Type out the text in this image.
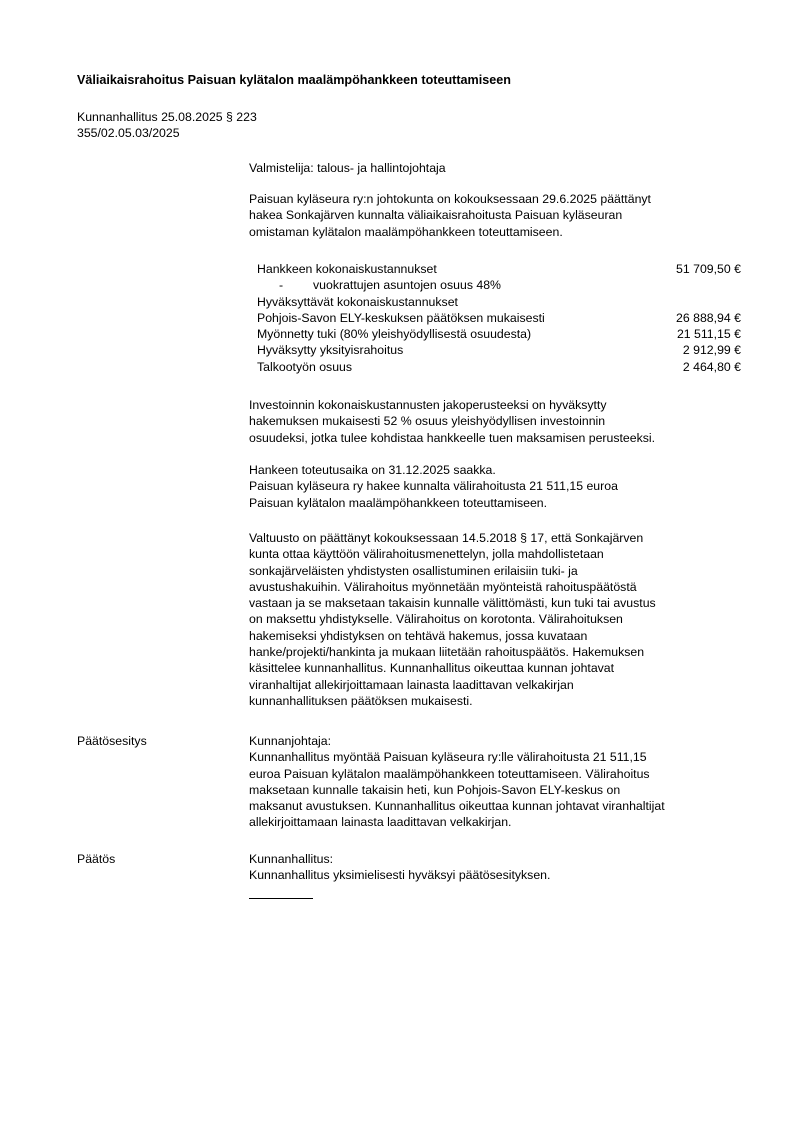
Väliaikaisrahoitus Paisuan kylätalon maalämpöhankkeen toteuttamiseen
Kunnanhallitus 25.08.2025 § 223
355/02.05.03/2025

Valmistelija: talous- ja hallintojohtaja

Paisuan kyläseura ry:n johtokunta on kokouksessaan 29.6.2025 päättänyt
hakea Sonkajärven kunnalta väliaikaisrahoitusta Paisuan kyläseuran
omistaman kylätalon maalämpöhankkeen toteuttamiseen.
Hankkeen kokonaiskustannukset	51 709,50 €
- vuokrattujen asuntojen osuus 48%
Hyväksyttävät kokonaiskustannukset
Pohjois-Savon ELY-keskuksen päätöksen mukaisesti	26 888,94 €
Myönnetty tuki (80% yleishyödyllisestä osuudesta)	21 511,15 €
Hyväksytty yksityisrahoitus	2 912,99 €
Talkootyön osuus	2 464,80 €
Investoinnin kokonaiskustannusten jakoperusteeksi on hyväksytty
hakemuksen mukaisesti 52 % osuus yleishyödyllisen investoinnin
osuudeksi, jotka tulee kohdistaa hankkeelle tuen maksamisen perusteeksi.
Hankeen toteutusaika on 31.12.2025 saakka.
Paisuan kyläseura ry hakee kunnalta välirahoitusta 21 511,15 euroa
Paisuan kylätalon maalämpöhankkeen toteuttamiseen.
Valtuusto on päättänyt kokouksessaan 14.5.2018 § 17, että Sonkajärven
kunta ottaa käyttöön välirahoitusmenettelyn, jolla mahdollistetaan
sonkajärveläisten yhdistysten osallistuminen erilaisiin tuki- ja
avustushakuihin. Välirahoitus myönnetään myönteistä rahoituspäätöstä
vastaan ja se maksetaan takaisin kunnalle välittömästi, kun tuki tai avustus
on maksettu yhdistykselle. Välirahoitus on korotonta. Välirahoituksen
hakemiseksi yhdistyksen on tehtävä hakemus, jossa kuvataan
hanke/projekti/hankinta ja mukaan liitetään rahoituspäätös. Hakemuksen
käsittelee kunnanhallitus. Kunnanhallitus oikeuttaa kunnan johtavat
viranhaltijat allekirjoittamaan lainasta laadittavan velkakirjan
kunnanhallituksen päätöksen mukaisesti.
Päätösesitys	Kunnanjohtaja:
Kunnanhallitus myöntää Paisuan kyläseura ry:lle välirahoitusta 21 511,15
euroa Paisuan kylätalon maalämpöhankkeen toteuttamiseen. Välirahoitus
maksetaan kunnalle takaisin heti, kun Pohjois-Savon ELY-keskus on
maksanut avustuksen. Kunnanhallitus oikeuttaa kunnan johtavat viranhaltijat
allekirjoittamaan lainasta laadittavan velkakirjan.
Päätös	Kunnanhallitus:
Kunnanhallitus yksimielisesti hyväksyi päätösesityksen.
